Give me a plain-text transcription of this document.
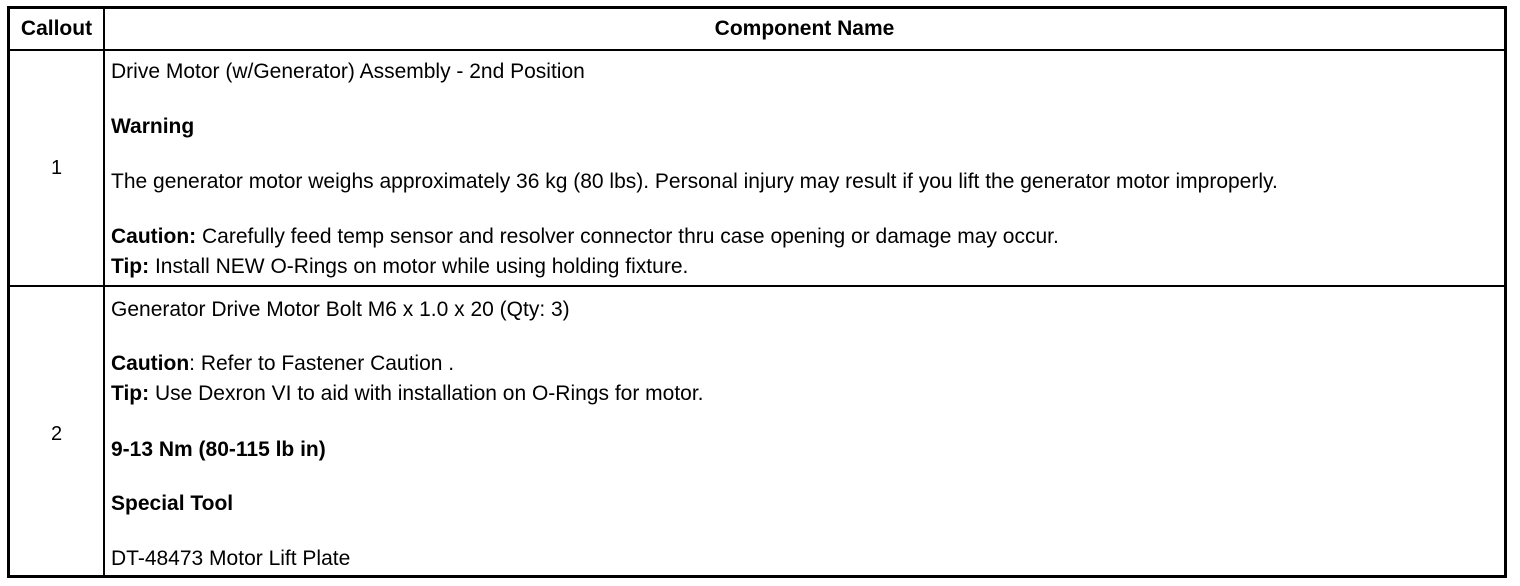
Callout	Component Name
1
Drive Motor (w/Generator) Assembly - 2nd Position
Warning
The generator motor weighs approximately 36 kg (80 lbs). Personal injury may result if you lift the generator motor improperly.
Caution: Carefully feed temp sensor and resolver connector thru case opening or damage may occur.
Tip: Install NEW O-Rings on motor while using holding fixture.
2
Generator Drive Motor Bolt M6 x 1.0 x 20 (Qty: 3)
Caution: Refer to Fastener Caution .
Tip: Use Dexron VI to aid with installation on O-Rings for motor.
9-13 Nm (80-115 lb in)
Special Tool
DT-48473 Motor Lift Plate
